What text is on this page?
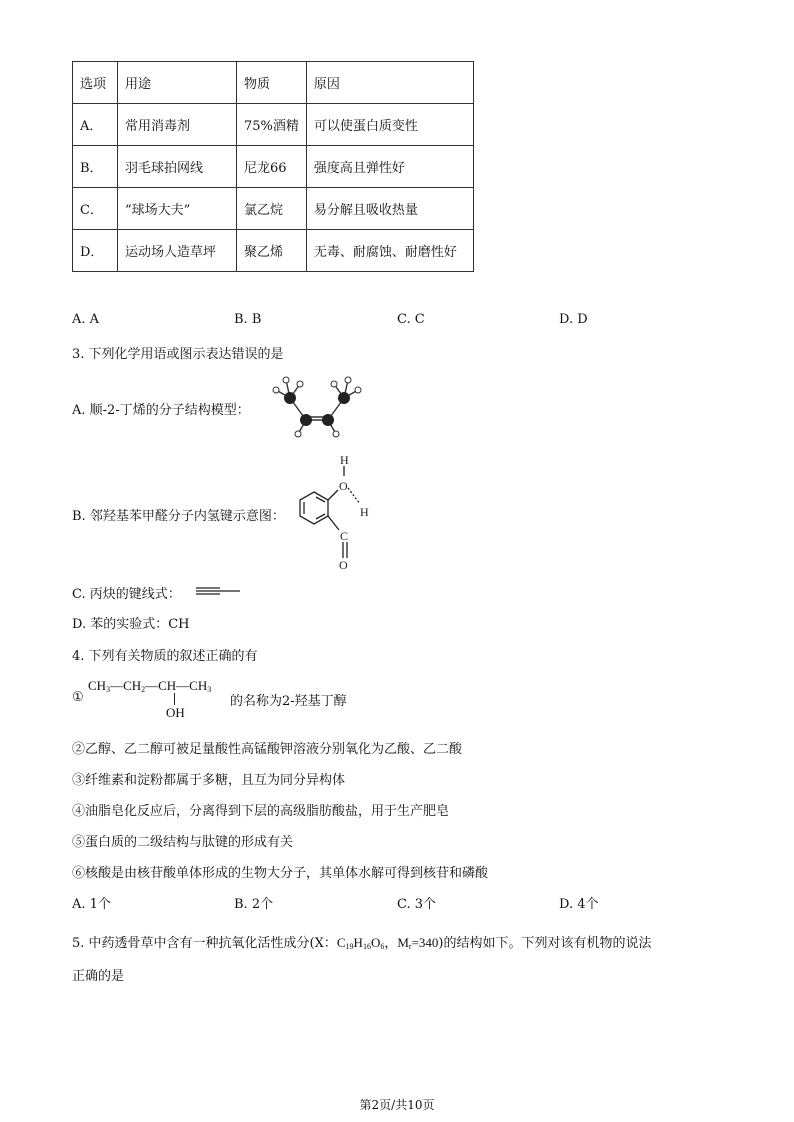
选项	用途	物质	原因
A．	常用消毒剂	75%酒精	可以使蛋白质变性
B．	羽毛球拍网线	尼龙66	强度高且弹性好
C．	“球场大夫”	氯乙烷	易分解且吸收热量
D．	运动场人造草坪	聚乙烯	无毒、耐腐蚀、耐磨性好
A. A	B. B	C. C	D. D
3. 下列化学用语或图示表达错误的是
A. 顺-2-丁烯的分子结构模型：
B. 邻羟基苯甲醛分子内氢键示意图：
H
O
H
C
O
C. 丙炔的键线式：
D. 苯的实验式：CH
4. 下列有关物质的叙述正确的有
①
$CH_3—CH_2—CH—CH_3$
OH
的名称为2-羟基丁醇
②乙醇、乙二醇可被足量酸性高锰酸钾溶液分别氧化为乙酸、乙二酸
③纤维素和淀粉都属于多糖，且互为同分异构体
④油脂皂化反应后，分离得到下层的高级脂肪酸盐，用于生产肥皂
⑤蛋白质的二级结构与肽键的形成有关
⑥核酸是由核苷酸单体形成的生物大分子，其单体水解可得到核苷和磷酸
A. 1个	B. 2个	C. 3个	D. 4个
5. 中药透骨草中含有一种抗氧化活性成分(X：$C_{19}H_{16}O_6$，$M_r=340$)的结构如下。下列对该有机物的说法
正确的是
第2页/共10页
